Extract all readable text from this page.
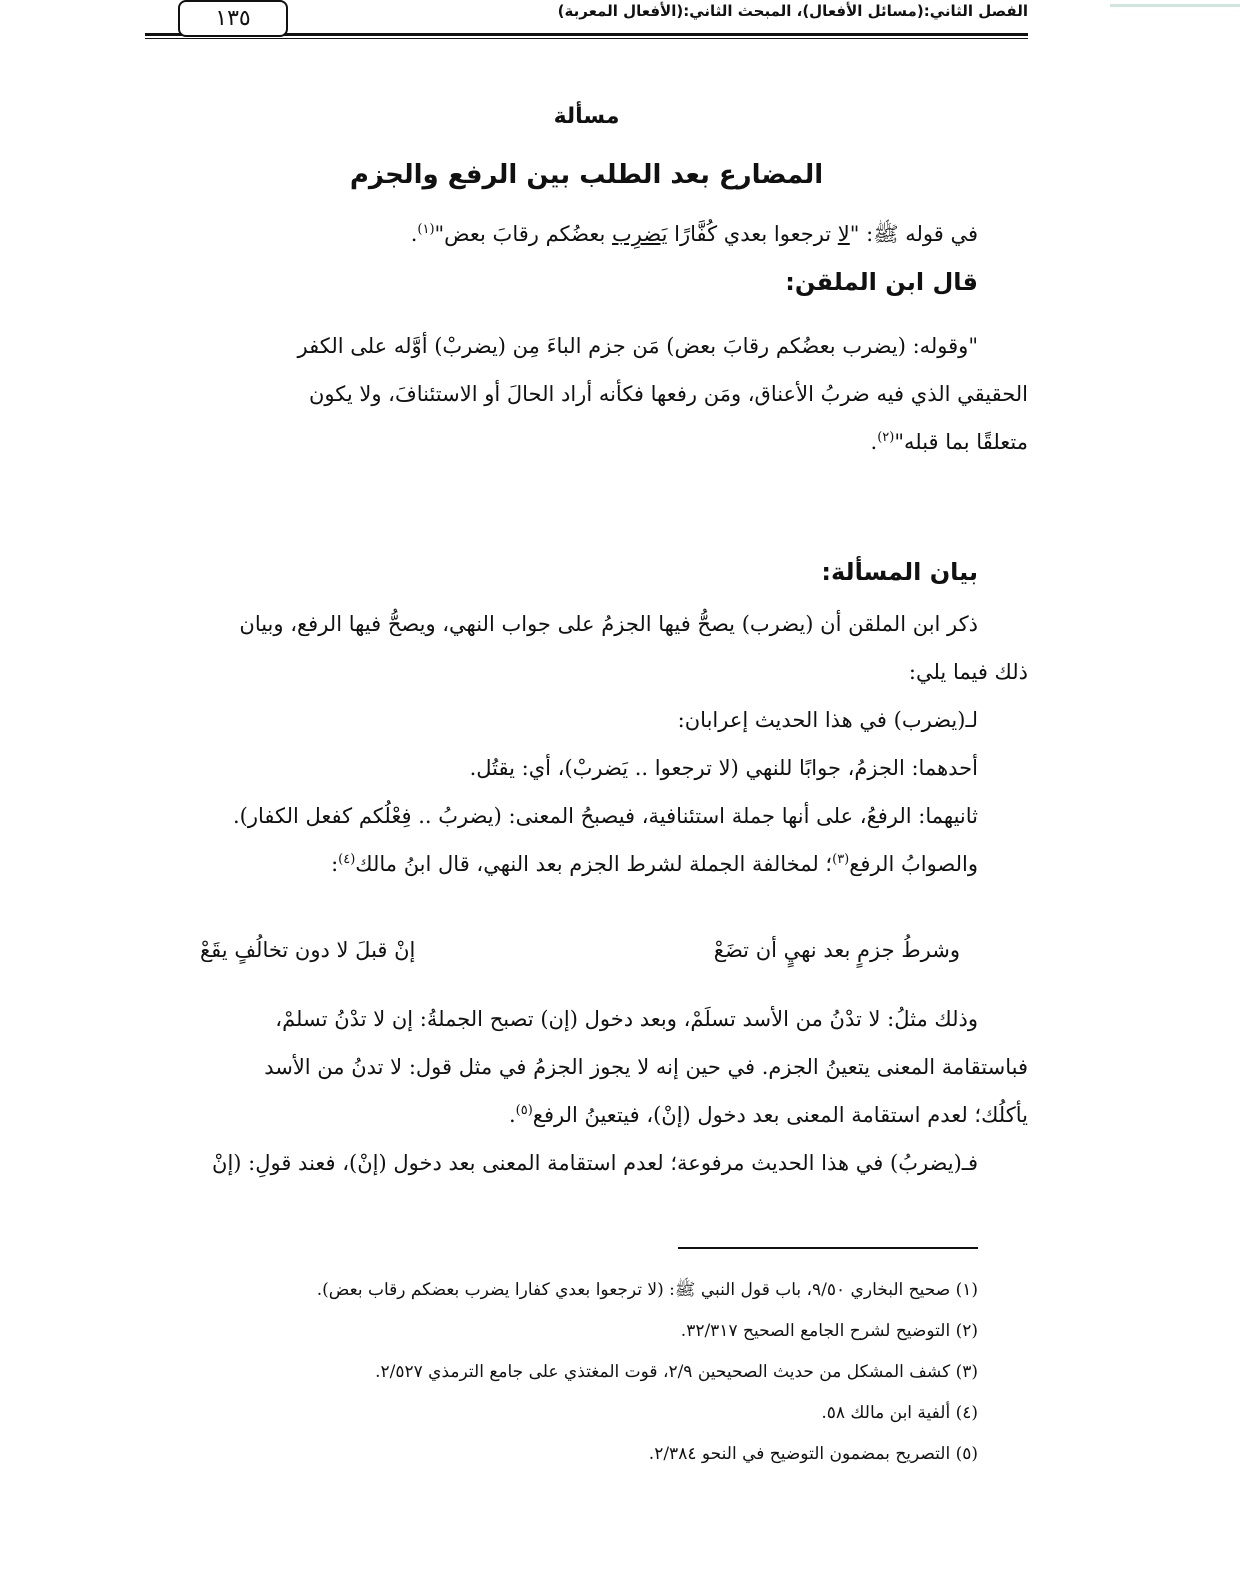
الفصل الثاني:(مسائل الأفعال)، المبحث الثاني:(الأفعال المعربة)
١٣٥
مسألة
المضارع بعد الطلب بين الرفع والجزم
في قوله ﷺ: "لا ترجعوا بعدي كُفَّارًا يَضرِب بعضُكم رقابَ بعض"$^{(١)}$.
قال ابن الملقن:
"وقوله: (يضرب بعضُكم رقابَ بعض) مَن جزم الباءَ مِن (يضربْ) أوَّله على الكفر
الحقيقي الذي فيه ضربُ الأعناق، ومَن رفعها فكأنه أراد الحالَ أو الاستئنافَ، ولا يكون
متعلقًا بما قبله"$^{(٢)}$.
بيان المسألة:
ذكر ابن الملقن أن (يضرب) يصحُّ فيها الجزمُ على جواب النهي، ويصحُّ فيها الرفع، وبيان
ذلك فيما يلي:
لـ(يضرب) في هذا الحديث إعرابان:
أحدهما: الجزمُ، جوابًا للنهي (لا ترجعوا .. يَضربْ)، أي: يقتُل.
ثانيهما: الرفعُ، على أنها جملة استئنافية، فيصبحُ المعنى: (يضربُ .. فِعْلُكم كفعل الكفار).
والصوابُ الرفع$^{(٣)}$؛ لمخالفة الجملة لشرط الجزم بعد النهي، قال ابنُ مالك$^{(٤)}$:
وشرطُ جزمٍ بعد نهيٍ أن تضَعْ
إنْ قبلَ لا دون تخالُفٍ يقَعْ
وذلك مثلُ: لا تدْنُ من الأسد تسلَمْ، وبعد دخول (إن) تصبح الجملةُ: إن لا تدْنُ تسلمْ،
فباستقامة المعنى يتعينُ الجزم. في حين إنه لا يجوز الجزمُ في مثل قول: لا تدنُ من الأسد
يأكلُك؛ لعدم استقامة المعنى بعد دخول (إنْ)، فيتعينُ الرفع$^{(٥)}$.
فـ(يضربُ) في هذا الحديث مرفوعة؛ لعدم استقامة المعنى بعد دخول (إنْ)، فعند قولِ: (إنْ
(١) صحيح البخاري ٩/٥٠، باب قول النبي ﷺ: (لا ترجعوا بعدي كفارا يضرب بعضكم رقاب بعض).
(٢) التوضيح لشرح الجامع الصحيح ٣٢/٣١٧.
(٣) كشف المشكل من حديث الصحيحين ٢/٩، قوت المغتذي على جامع الترمذي ٢/٥٢٧.
(٤) ألفية ابن مالك ٥٨.
(٥) التصريح بمضمون التوضيح في النحو ٢/٣٨٤.
